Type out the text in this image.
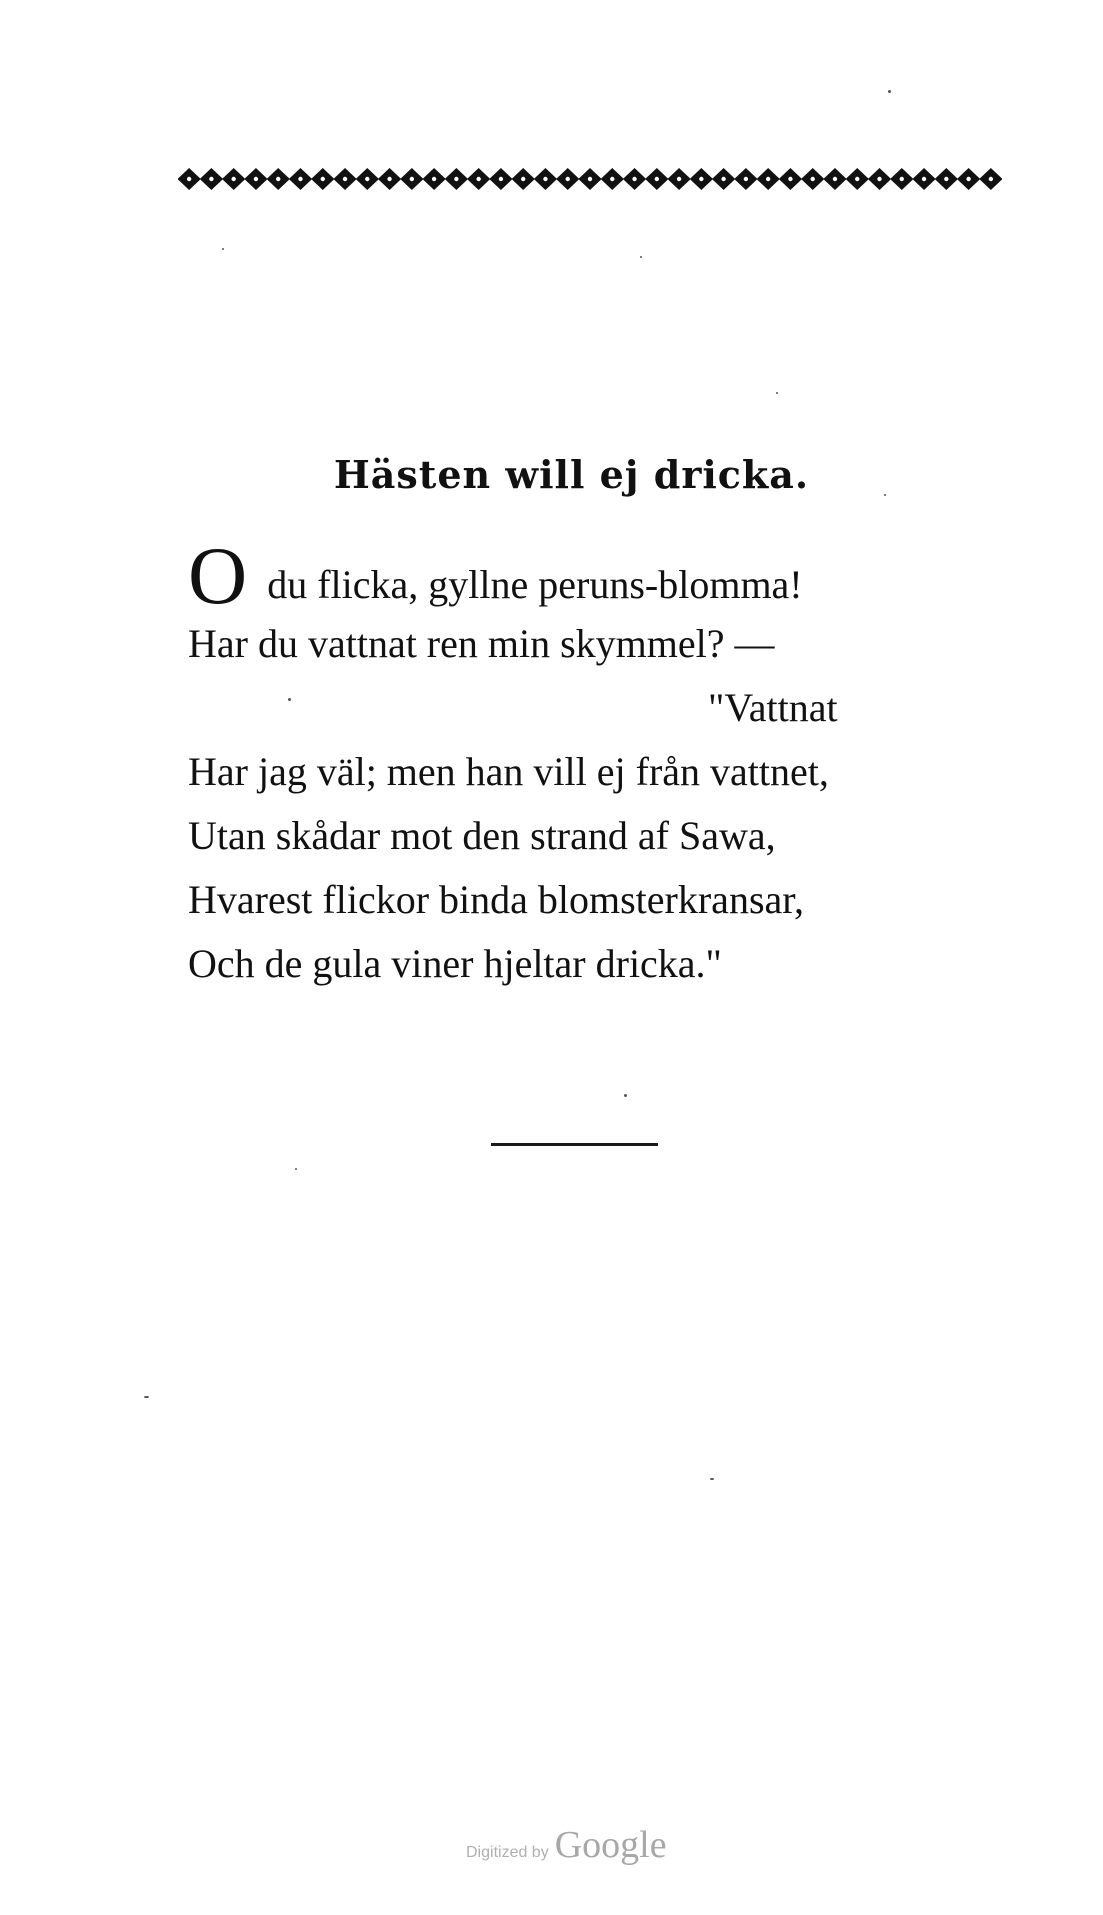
Hästen will ej dricka.
O du flicka, gyllne peruns-blomma!
Har du vattnat ren min skymmel? —
"Vattnat
Har jag väl; men han vill ej från vattnet,
Utan skådar mot den strand af Sawa,
Hvarest flickor binda blomsterkransar,
Och de gula viner hjeltar dricka."
Digitized by Google
